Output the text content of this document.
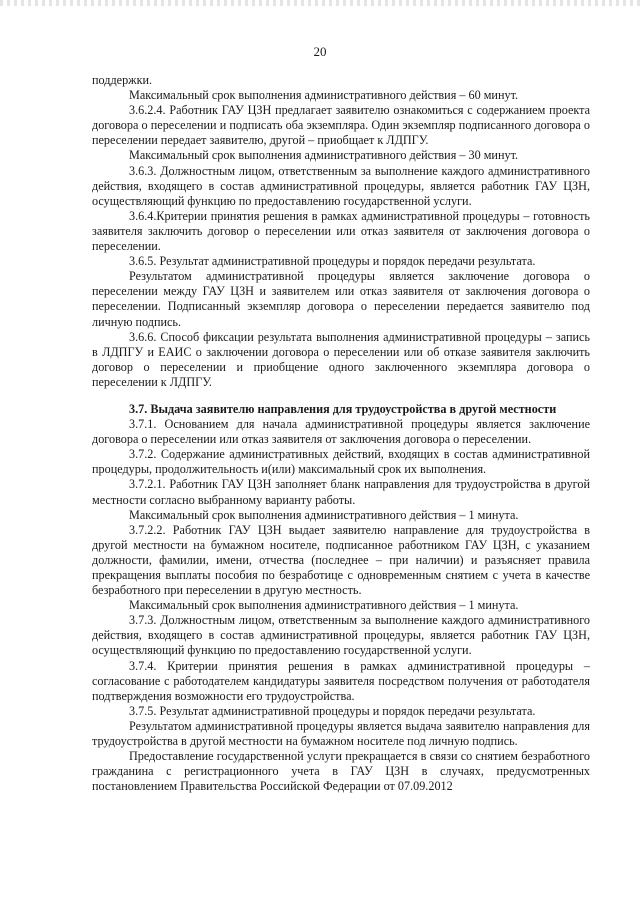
20

поддержки.

Максимальный срок выполнения административного действия – 60 минут.

3.6.2.4. Работник ГАУ ЦЗН предлагает заявителю ознакомиться с содержанием проекта договора о переселении и подписать оба экземпляра. Один экземпляр подписанного договора о переселении передает заявителю, другой – приобщает к ЛДПГУ.

Максимальный срок выполнения административного действия – 30 минут.

3.6.3. Должностным лицом, ответственным за выполнение каждого административного действия, входящего в состав административной процедуры, является работник ГАУ ЦЗН, осуществляющий функцию по предоставлению государственной услуги.

3.6.4.Критерии принятия решения в рамках административной процедуры – готовность заявителя заключить договор о переселении или отказ заявителя от заключения договора о переселении.

3.6.5. Результат административной процедуры и порядок передачи результата.

Результатом административной процедуры является заключение договора о переселении между ГАУ ЦЗН и заявителем или отказ заявителя от заключения договора о переселении. Подписанный экземпляр договора о переселении передается заявителю под личную подпись.

3.6.6. Способ фиксации результата выполнения административной процедуры – запись в ЛДПГУ и ЕАИС о заключении договора о переселении или об отказе заявителя заключить договор о переселении и приобщение одного заключенного экземпляра договора о переселении к ЛДПГУ.

3.7. Выдача заявителю направления для трудоустройства в другой местности

3.7.1. Основанием для начала административной процедуры является заключение договора о переселении или отказ заявителя от заключения договора о переселении.

3.7.2. Содержание административных действий, входящих в состав административной процедуры, продолжительность и(или) максимальный срок их выполнения.

3.7.2.1. Работник ГАУ ЦЗН заполняет бланк направления для трудоустройства в другой местности согласно выбранному варианту работы.

Максимальный срок выполнения административного действия – 1 минута.

3.7.2.2. Работник ГАУ ЦЗН выдает заявителю направление для трудоустройства в другой местности на бумажном носителе, подписанное работником ГАУ ЦЗН, с указанием должности, фамилии, имени, отчества (последнее – при наличии) и разъясняет правила прекращения выплаты пособия по безработице с одновременным снятием с учета в качестве безработного при переселении в другую местность.

Максимальный срок выполнения административного действия – 1 минута.

3.7.3. Должностным лицом, ответственным за выполнение каждого административного действия, входящего в состав административной процедуры, является работник ГАУ ЦЗН, осуществляющий функцию по предоставлению государственной услуги.

3.7.4. Критерии принятия решения в рамках административной процедуры – согласование с работодателем кандидатуры заявителя посредством получения от работодателя подтверждения возможности его трудоустройства.

3.7.5. Результат административной процедуры и порядок передачи результата.

Результатом административной процедуры является выдача заявителю направления для трудоустройства в другой местности на бумажном носителе под личную подпись.

Предоставление государственной услуги прекращается в связи со снятием безработного гражданина с регистрационного учета в ГАУ ЦЗН в случаях, предусмотренных постановлением Правительства Российской Федерации от 07.09.2012
